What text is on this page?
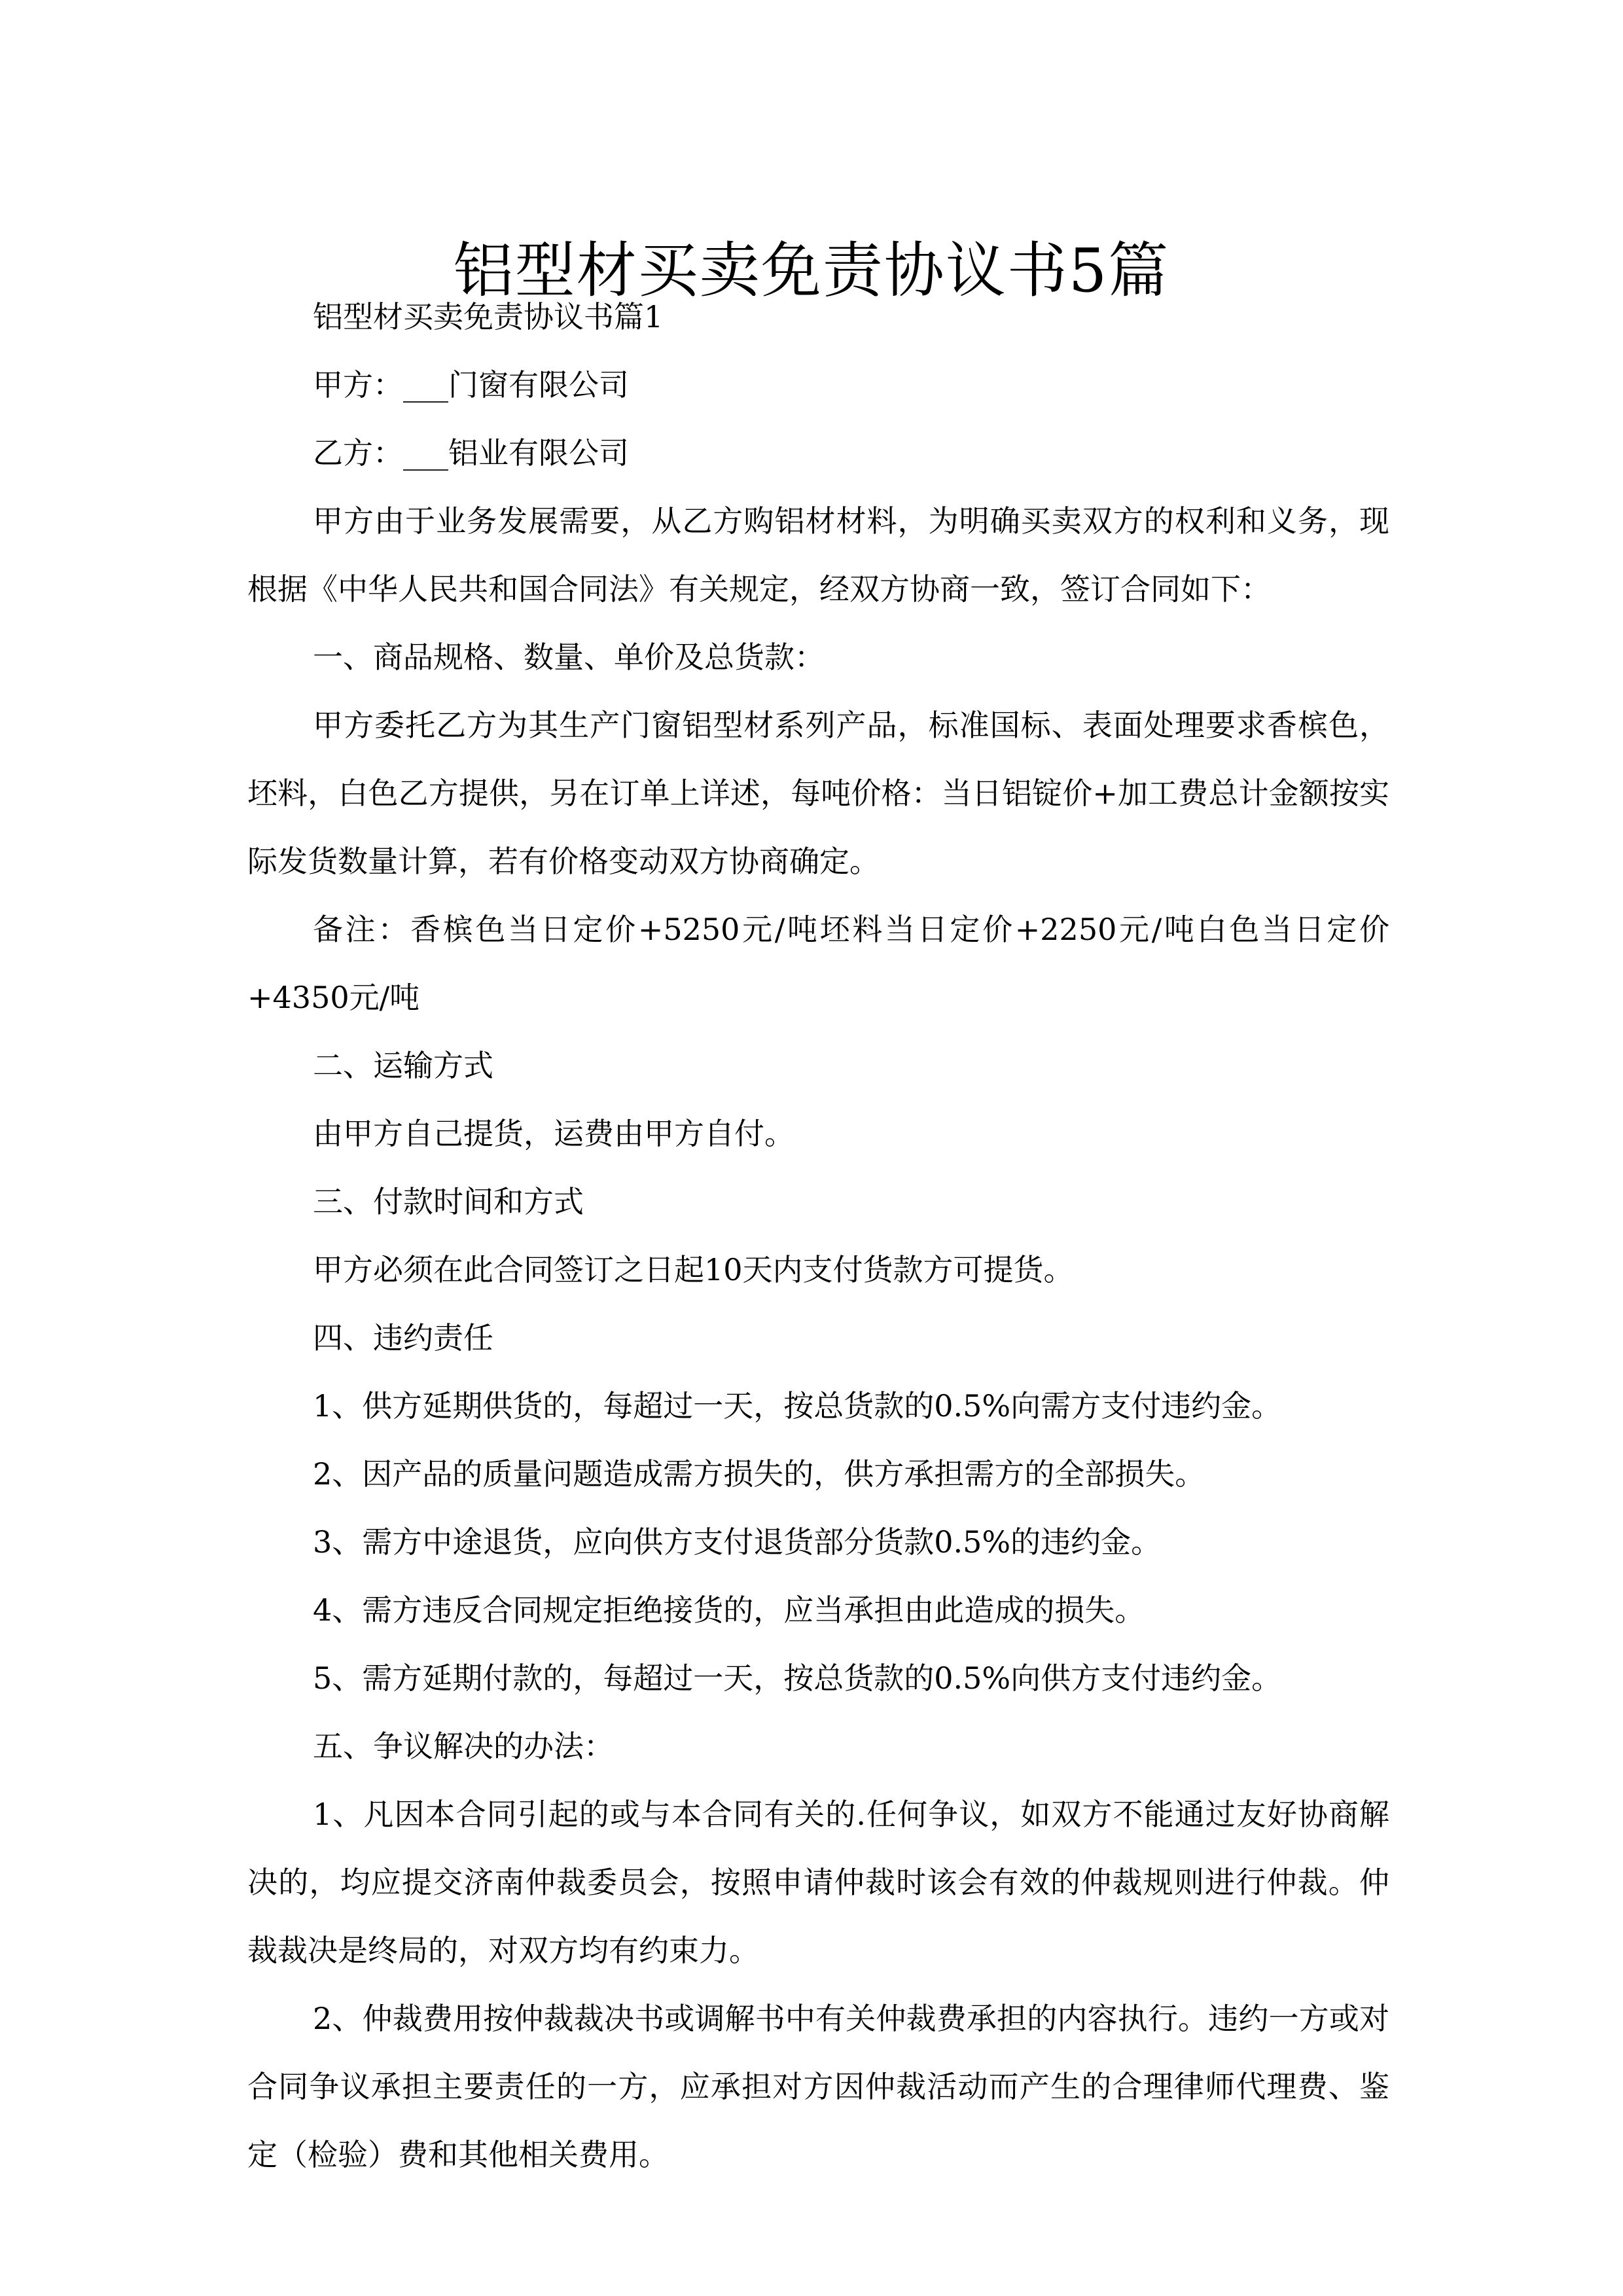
铝型材买卖免责协议书5篇

铝型材买卖免责协议书篇1

甲方：___门窗有限公司

乙方：___铝业有限公司

甲方由于业务发展需要，从乙方购铝材材料，为明确买卖双方的权利和义务，现根据《中华人民共和国合同法》有关规定，经双方协商一致，签订合同如下：

一、商品规格、数量、单价及总货款：

甲方委托乙方为其生产门窗铝型材系列产品，标准国标、表面处理要求香槟色，坯料，白色乙方提供，另在订单上详述，每吨价格：当日铝锭价+加工费总计金额按实际发货数量计算，若有价格变动双方协商确定。

备注：香槟色当日定价+5250元/吨坯料当日定价+2250元/吨白色当日定价+4350元/吨

二、运输方式

由甲方自己提货，运费由甲方自付。

三、付款时间和方式

甲方必须在此合同签订之日起10天内支付货款方可提货。

四、违约责任

1、供方延期供货的，每超过一天，按总货款的0.5%向需方支付违约金。

2、因产品的质量问题造成需方损失的，供方承担需方的全部损失。

3、需方中途退货，应向供方支付退货部分货款0.5%的违约金。

4、需方违反合同规定拒绝接货的，应当承担由此造成的损失。

5、需方延期付款的，每超过一天，按总货款的0.5%向供方支付违约金。

五、争议解决的办法：

1、凡因本合同引起的或与本合同有关的.任何争议，如双方不能通过友好协商解决的，均应提交济南仲裁委员会，按照申请仲裁时该会有效的仲裁规则进行仲裁。仲裁裁决是终局的，对双方均有约束力。

2、仲裁费用按仲裁裁决书或调解书中有关仲裁费承担的内容执行。违约一方或对合同争议承担主要责任的一方，应承担对方因仲裁活动而产生的合理律师代理费、鉴定（检验）费和其他相关费用。
